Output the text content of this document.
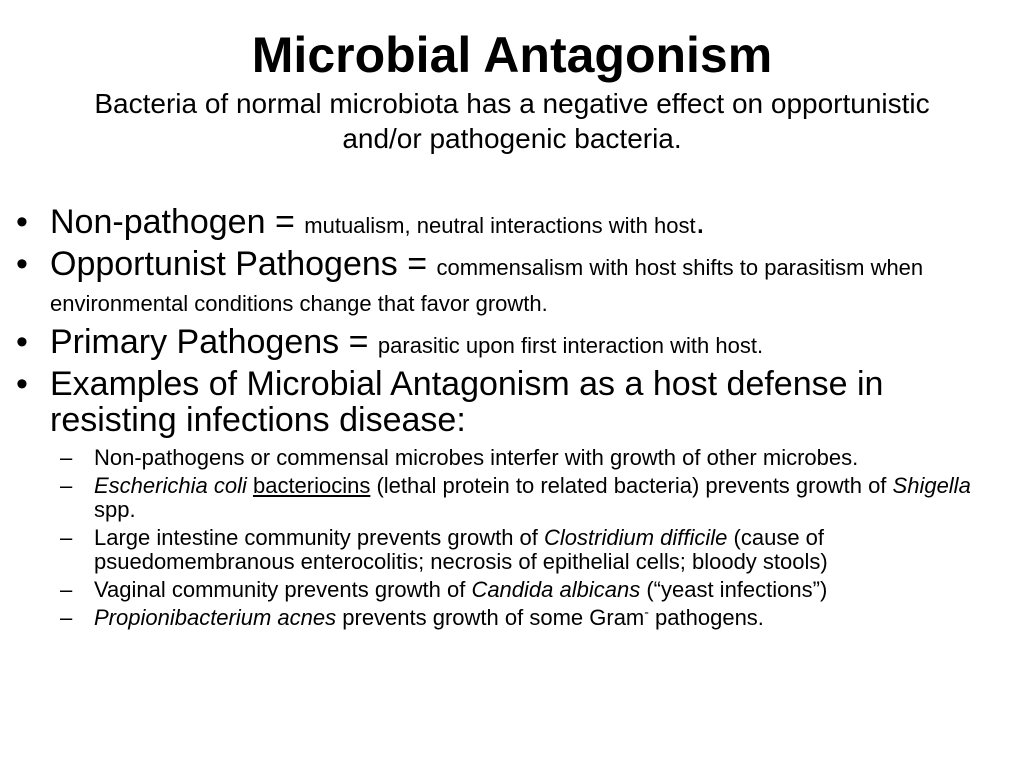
Microbial Antagonism
Bacteria of normal microbiota has a negative effect on opportunistic and/or pathogenic bacteria.
• Non-pathogen = mutualism, neutral interactions with host.
• Opportunist Pathogens = commensalism with host shifts to parasitism when environmental conditions change that favor growth.
• Primary Pathogens = parasitic upon first interaction with host.
• Examples of Microbial Antagonism as a host defense in resisting infections disease:
– Non-pathogens or commensal microbes interfer with growth of other microbes.
– Escherichia coli bacteriocins (lethal protein to related bacteria) prevents growth of Shigella spp.
– Large intestine community prevents growth of Clostridium difficile (cause of psuedomembranous enterocolitis; necrosis of epithelial cells; bloody stools)
– Vaginal community prevents growth of Candida albicans (“yeast infections”)
– Propionibacterium acnes prevents growth of some Gram- pathogens.
